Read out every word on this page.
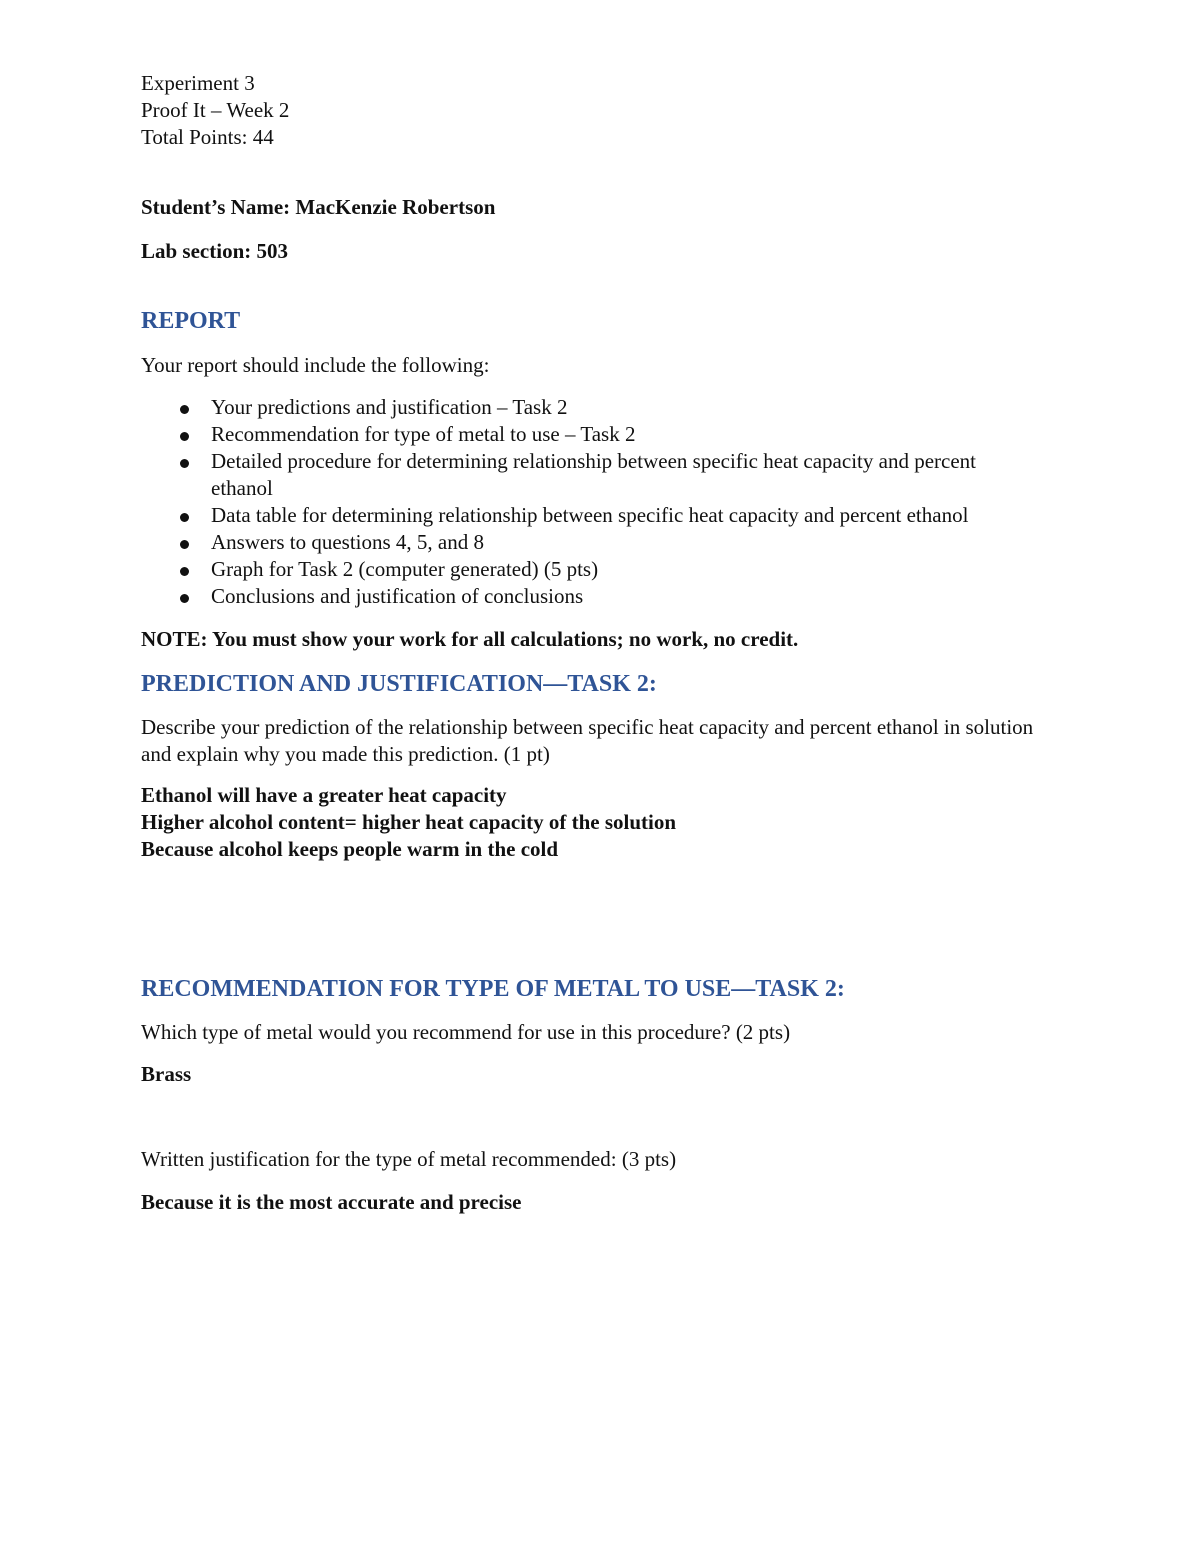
Experiment 3

Proof It – Week 2

Total Points: 44

Student’s Name: MacKenzie Robertson

Lab section: 503

REPORT

Your report should include the following:

Your predictions and justification – Task 2
Recommendation for type of metal to use – Task 2
Detailed procedure for determining relationship between specific heat capacity and percent ethanol
Data table for determining relationship between specific heat capacity and percent ethanol
Answers to questions 4, 5, and 8
Graph for Task 2 (computer generated) (5 pts)
Conclusions and justification of conclusions

NOTE: You must show your work for all calculations; no work, no credit.

PREDICTION AND JUSTIFICATION—TASK 2:

Describe your prediction of the relationship between specific heat capacity and percent ethanol in solution and explain why you made this prediction. (1 pt)

Ethanol will have a greater heat capacity

Higher alcohol content= higher heat capacity of the solution

Because alcohol keeps people warm in the cold

RECOMMENDATION FOR TYPE OF METAL TO USE—TASK 2:

Which type of metal would you recommend for use in this procedure? (2 pts)

Brass

Written justification for the type of metal recommended: (3 pts)

Because it is the most accurate and precise
